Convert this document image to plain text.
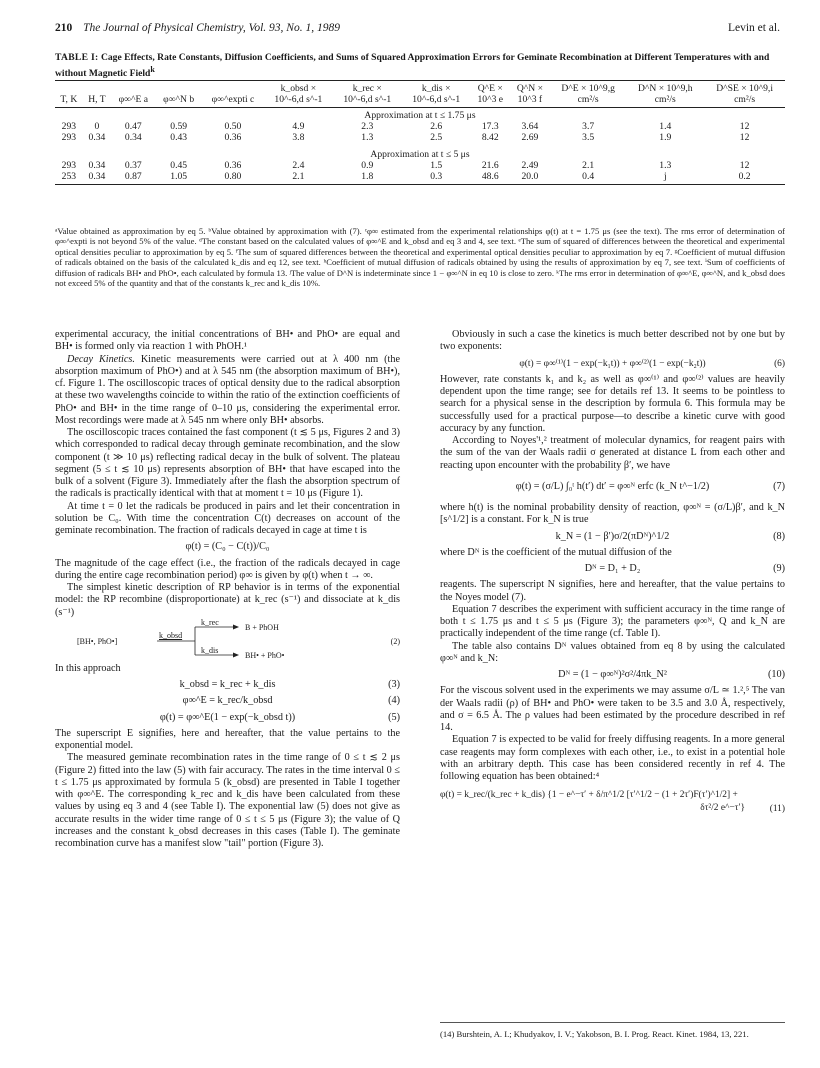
210 The Journal of Physical Chemistry, Vol. 93, No. 1, 1989	Levin et al.
TABLE I: Cage Effects, Rate Constants, Diffusion Coefficients, and Sums of Squared Approximation Errors for Geminate Recombination at Different Temperatures with and without Magnetic Field$^k$
					k_obsd ×	k_rec ×	k_dis ×	Q^E ×	Q^N ×	D^E × 10^9,g	D^N × 10^9,h	D^SE × 10^9,i
T, K	H, T	φ∞^E a	φ∞^N b	φ∞^expti c	10^-6,d s^-1	10^-6,d s^-1	10^-6,d s^-1	10^3 e	10^3 f	cm²/s	cm²/s	cm²/s
Approximation at t ≤ 1.75 μs												
293	0	0.47	0.59	0.50	4.9	2.3	2.6	17.3	3.64	3.7	1.4	12
293	0.34	0.34	0.43	0.36	3.8	1.3	2.5	8.42	2.69	3.5	1.9	12
Approximation at t ≤ 5 μs												
293	0.34	0.37	0.45	0.36	2.4	0.9	1.5	21.6	2.49	2.1	1.3	12
253	0.34	0.87	1.05	0.80	2.1	1.8	0.3	48.6	20.0	0.4	j	0.2
ᵃValue obtained as approximation by eq 5. ᵇValue obtained by approximation with (7). ᶜφ∞ estimated from the experimental relationships φ(t) at t = 1.75 μs (see the text). The rms error of determination of φ∞^expti is not beyond 5% of the value. ᵈThe constant based on the calculated values of φ∞^E and k_obsd and eq 3 and 4, see text. ᵉThe sum of squared of differences between the theoretical and experimental optical densities peculiar to approximation by eq 5. ᶠThe sum of squared differences between the theoretical and experimental optical densities peculiar to approximation by eq 7. ᵍCoefficient of mutual diffusion of radicals obtained on the basis of the calculated k_dis and eq 12, see text. ʰCoefficient of mutual diffusion of radicals obtained by using the results of approximation by eq 7, see text. ⁱSum of coefficients of diffusion of radicals BH• and PhO•, each calculated by formula 13. ʲThe value of D^N is indeterminate since 1 − φ∞^N in eq 10 is close to zero. ᵏThe rms error in determination of φ∞^E, φ∞^N, and k_obsd does not exceed 5% of the quantity and that of the constants k_rec and k_dis 10%.

experimental accuracy, the initial concentrations of BH• and PhO• are equal and BH• is formed only via reaction 1 with PhOH.¹

Decay Kinetics. Kinetic measurements were carried out at λ 400 nm (the absorption maximum of PhO•) and at λ 545 nm (the absorption maximum of BH•), cf. Figure 1. The oscilloscopic traces of optical density due to the radical absorption at these two wavelengths coincide to within the ratio of the extinction coefficients of PhO• and BH• in the time range of 0–10 μs, considering the experimental error. Most recordings were made at λ 545 nm where only BH• absorbs.

The oscilloscopic traces contained the fast component (t ≲ 5 μs, Figures 2 and 3) which corresponded to radical decay through geminate recombination, and the slow component (t ≫ 10 μs) reflecting radical decay in the bulk of solvent. The plateau segment (5 ≤ t ≲ 10 μs) represents absorption of BH• that have escaped into the bulk of a solvent (Figure 3). Immediately after the flash the absorption spectrum of the radicals is practically identical with that at moment t = 10 μs (Figure 1).

At time t = 0 let the radicals be produced in pairs and let their concentration in solution be C₀. With time the concentration C(t) decreases on account of the geminate recombination. The fraction of radicals decayed in cage at time t is

φ(t) = (C₀ − C(t))/C₀

The magnitude of the cage effect (i.e., the fraction of the radicals decayed in cage during the entire cage recombination period) φ∞ is given by φ(t) when t → ∞.

The simplest kinetic description of RP behavior is in terms of the exponential model: the RP recombine (disproportionate) at k_rec (s⁻¹) and dissociate at k_dis (s⁻¹)

[BH•, PhO•]
k_obsd
k_rec
k_dis
B + PhOH
BH• + PhO•
(2)

In this approach

k_obsd = k_rec + k_dis	(3)
φ∞^E = k_rec/k_obsd	(4)
φ(t) = φ∞^E(1 − exp(−k_obsd t))	(5)

The superscript E signifies, here and hereafter, that the value pertains to the exponential model.

The measured geminate recombination rates in the time range of 0 ≤ t ≲ 2 μs (Figure 2) fitted into the law (5) with fair accuracy. The rates in the time interval 0 ≤ t ≤ 1.75 μs approximated by formula 5 (k_obsd) are presented in Table I together with φ∞^E. The corresponding k_rec and k_dis have been calculated from these values by using eq 3 and 4 (see Table I). The exponential law (5) does not give as accurate results in the wider time range of 0 ≤ t ≤ 5 μs (Figure 3); the value of Q increases and the constant k_obsd decreases in this cases (Table I). The geminate recombination curve has a manifest slow "tail" portion (Figure 3).

Obviously in such a case the kinetics is much better described not by one but by two exponents:

φ(t) = φ∞⁽¹⁾(1 − exp(−k₁t)) + φ∞⁽²⁾(1 − exp(−k₂t))	(6)

However, rate constants k₁ and k₂ as well as φ∞⁽¹⁾ and φ∞⁽²⁾ values are heavily dependent upon the time range; see for details ref 13. It seems to be pointless to search for a physical sense in the description by formula 6. This formula may be successfully used for a practical purpose—to describe a kinetic curve with good accuracy by any function.

According to Noyes'¹,² treatment of molecular dynamics, for reagent pairs with the sum of the van der Waals radii σ generated at distance L from each other and reacting upon encounter with the probability β′, we have

φ(t) = (σ/L) ∫₀ᵗ h(t′) dt′ = φ∞ᴺ erfc (k_N t^−1/2)	(7)

where h(t) is the nominal probability density of reaction, φ∞ᴺ = (σ/L)β′, and k_N [s^1/2] is a constant. For k_N is true

k_N = (1 − β′)σ/2(πDᴺ)^1/2	(8)

where Dᴺ is the coefficient of the mutual diffusion of the

Dᴺ = D₁ + D₂	(9)

reagents. The superscript N signifies, here and hereafter, that the value pertains to the Noyes model (7).

Equation 7 describes the experiment with sufficient accuracy in the time range of both t ≤ 1.75 μs and t ≤ 5 μs (Figure 3); the parameters φ∞ᴺ, Q and k_N are practically independent of the time range (cf. Table I).

The table also contains Dᴺ values obtained from eq 8 by using the calculated φ∞ᴺ and k_N:

Dᴺ = (1 − φ∞ᴺ)²σ²/4πk_N²	(10)

For the viscous solvent used in the experiments we may assume σ/L ≃ 1.²,⁵ The van der Waals radii (ρ) of BH• and PhO• were taken to be 3.5 and 3.0 Å, respectively, and σ = 6.5 Å. The ρ values had been estimated by the procedure described in ref 14.

Equation 7 is expected to be valid for freely diffusing reagents. In a more general case reagents may form complexes with each other, i.e., to exist in a potential hole with an arbitrary depth. This case has been considered recently in ref 4. The following equation has been obtained:⁴

φ(t) = k_rec/(k_rec + k_dis) {1 − e^−τ′ + δ/π^1/2 [τ′^1/2 − (1 + 2τ′)F(τ′)^1/2] +
δτ²/2 e^−τ′}	(11)
(14) Burshtein, A. I.; Khudyakov, I. V.; Yakobson, B. I. Prog. React. Kinet. 1984, 13, 221.
